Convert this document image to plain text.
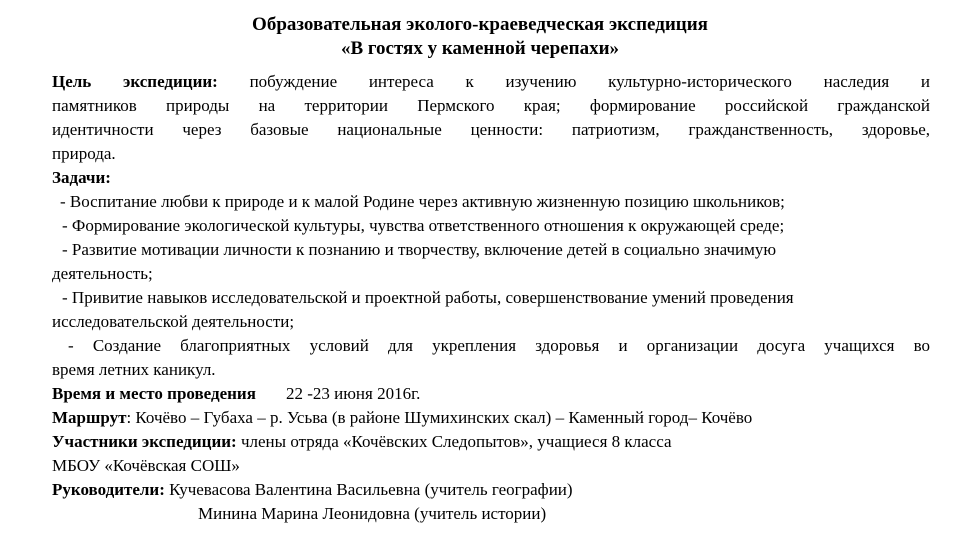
Образовательная эколого-краеведческая экспедиция
«В гостях у каменной черепахи»
Цель экспедиции: побуждение интереса к изучению культурно-исторического наследия и
памятников природы на территории Пермского края; формирование российской гражданской
идентичности через базовые национальные ценности: патриотизм, гражданственность, здоровье,
природа.
Задачи:
- Воспитание любви к природе и к малой Родине через активную жизненную позицию школьников;
- Формирование экологической культуры, чувства ответственного отношения к окружающей среде;
- Развитие мотивации личности к познанию и творчеству, включение детей в социально значимую
деятельность;
- Привитие навыков исследовательской и проектной работы, совершенствование умений проведения
исследовательской деятельности;
- Создание благоприятных условий для укрепления здоровья и организации досуга учащихся во
время летних каникул.
Время и место проведения 22 -23 июня 2016г.
Маршрут: Кочёво – Губаха – р. Усьва (в районе Шумихинских скал) – Каменный город– Кочёво
Участники экспедиции: члены отряда «Кочёвских Следопытов», учащиеся 8 класса
МБОУ «Кочёвская СОШ»
Руководители: Кучевасова Валентина Васильевна (учитель географии)
Минина Марина Леонидовна (учитель истории)
